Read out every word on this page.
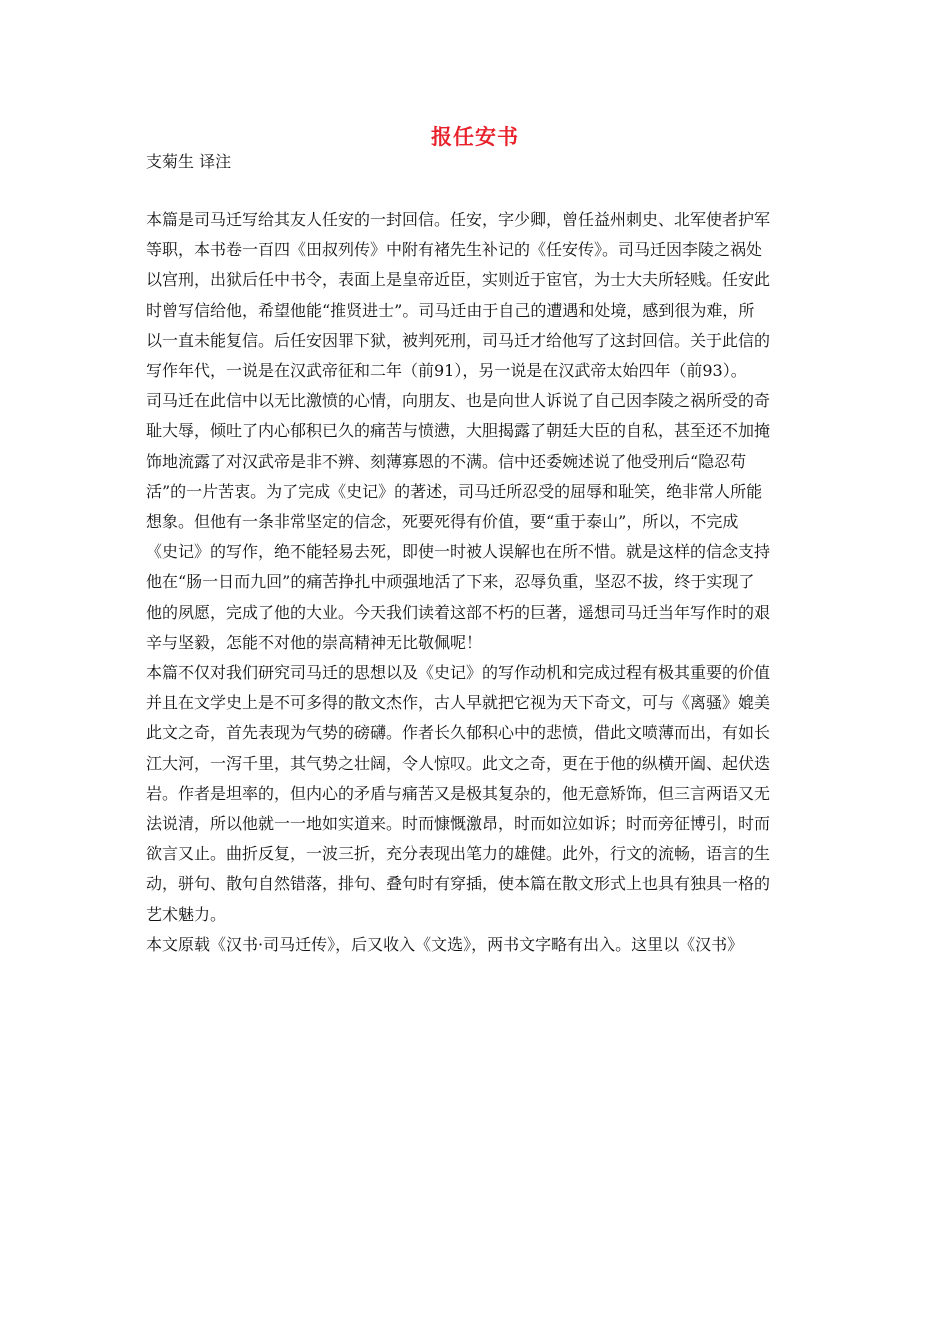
报任安书
支菊生 译注

本篇是司马迁写给其友人任安的一封回信。任安，字少卿，曾任益州刺史、北军使者护军
等职，本书卷一百四《田叔列传》中附有褚先生补记的《任安传》。司马迁因李陵之祸处
以宫刑，出狱后任中书令，表面上是皇帝近臣，实则近于宦官，为士大夫所轻贱。任安此
时曾写信给他，希望他能“推贤进士”。司马迁由于自己的遭遇和处境，感到很为难，所
以一直未能复信。后任安因罪下狱，被判死刑，司马迁才给他写了这封回信。关于此信的
写作年代，一说是在汉武帝征和二年（前91），另一说是在汉武帝太始四年（前93）。

司马迁在此信中以无比激愤的心情，向朋友、也是向世人诉说了自己因李陵之祸所受的奇
耻大辱，倾吐了内心郁积已久的痛苦与愤懑，大胆揭露了朝廷大臣的自私，甚至还不加掩
饰地流露了对汉武帝是非不辨、刻薄寡恩的不满。信中还委婉述说了他受刑后“隐忍苟
活”的一片苦衷。为了完成《史记》的著述，司马迁所忍受的屈辱和耻笑，绝非常人所能
想象。但他有一条非常坚定的信念，死要死得有价值，要“重于泰山”，所以，不完成
《史记》的写作，绝不能轻易去死，即使一时被人误解也在所不惜。就是这样的信念支持
他在“肠一日而九回”的痛苦挣扎中顽强地活了下来，忍辱负重，坚忍不拔，终于实现了
他的夙愿，完成了他的大业。今天我们读着这部不朽的巨著，遥想司马迁当年写作时的艰
辛与坚毅，怎能不对他的崇高精神无比敬佩呢！

本篇不仅对我们研究司马迁的思想以及《史记》的写作动机和完成过程有极其重要的价值
并且在文学史上是不可多得的散文杰作，古人早就把它视为天下奇文，可与《离骚》媲美
此文之奇，首先表现为气势的磅礴。作者长久郁积心中的悲愤，借此文喷薄而出，有如长
江大河，一泻千里，其气势之壮阔，令人惊叹。此文之奇，更在于他的纵横开阖、起伏迭
岩。作者是坦率的，但内心的矛盾与痛苦又是极其复杂的，他无意矫饰，但三言两语又无
法说清，所以他就一一地如实道来。时而慷慨激昂，时而如泣如诉；时而旁征博引，时而
欲言又止。曲折反复，一波三折，充分表现出笔力的雄健。此外，行文的流畅，语言的生
动，骈句、散句自然错落，排句、叠句时有穿插，使本篇在散文形式上也具有独具一格的
艺术魅力。

本文原载《汉书·司马迁传》，后又收入《文选》，两书文字略有出入。这里以《汉书》
